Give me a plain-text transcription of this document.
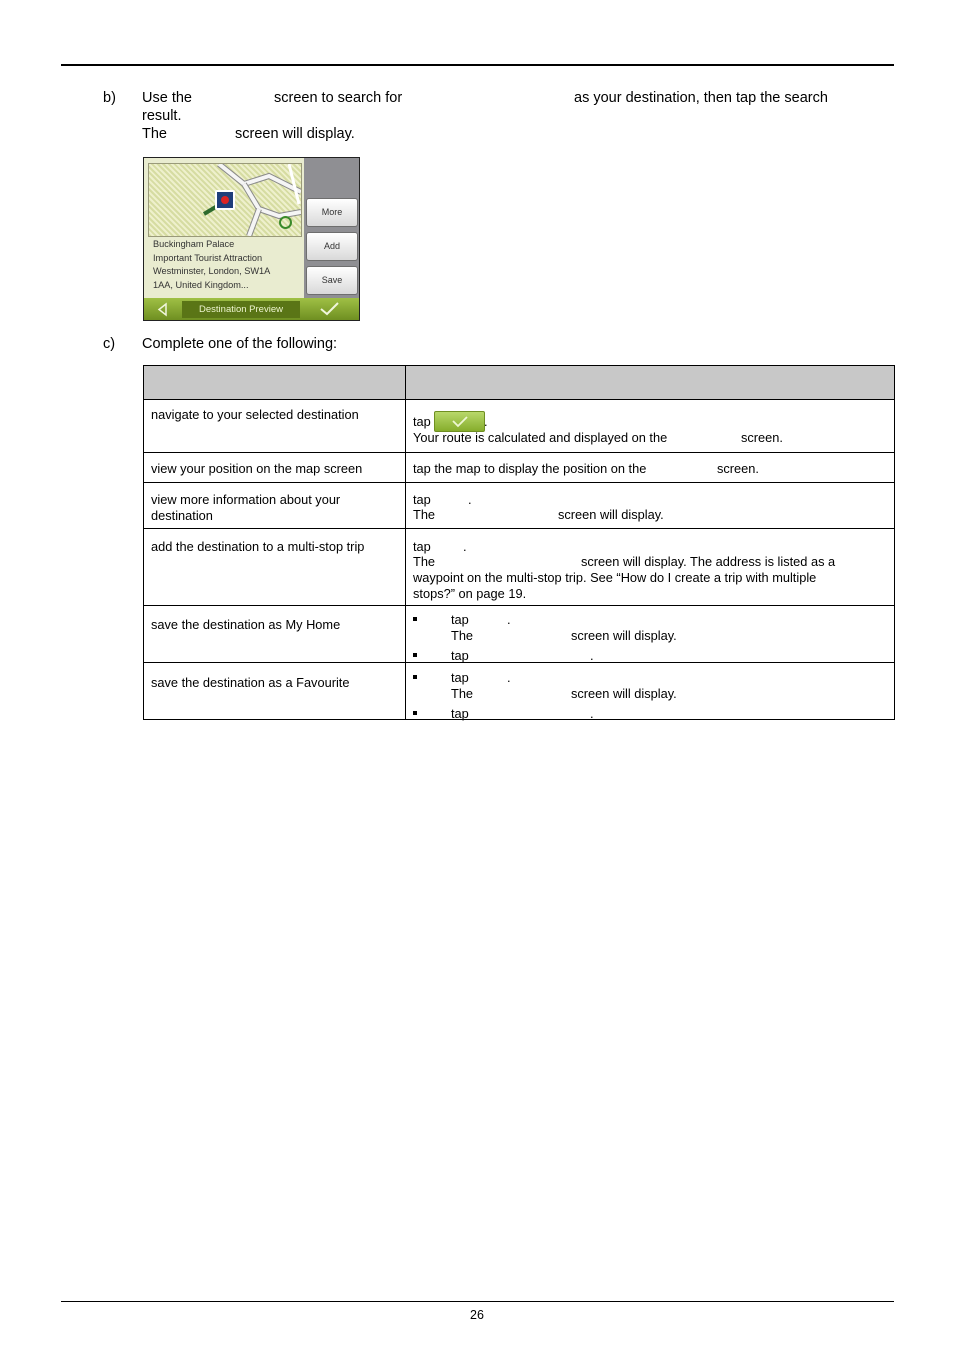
b) Use the	screen to search for	as your destination, then tap the search
result.
The	screen will display.
Buckingham Palace
Important Tourist Attraction
Westminster, London, SW1A
1AA, United Kingdom...
More
Add
Save
Destination Preview
c) Complete one of the following:

navigate to your selected destination	tap	.
Your route is calculated and displayed on the	screen.
view your position on the map screen	tap the map to display the position on the	screen.
view more information about your
destination
tap	.
The	screen will display.
add the destination to a multi-stop trip	tap	.
The	screen will display. The address is listed as a
waypoint on the multi-stop trip. See “How do I create a trip with multiple
stops?” on page 19.
save the destination as My Home	tap	.
The	screen will display.
tap	.
save the destination as a Favourite	tap	.
The	screen will display.
tap	.
26
